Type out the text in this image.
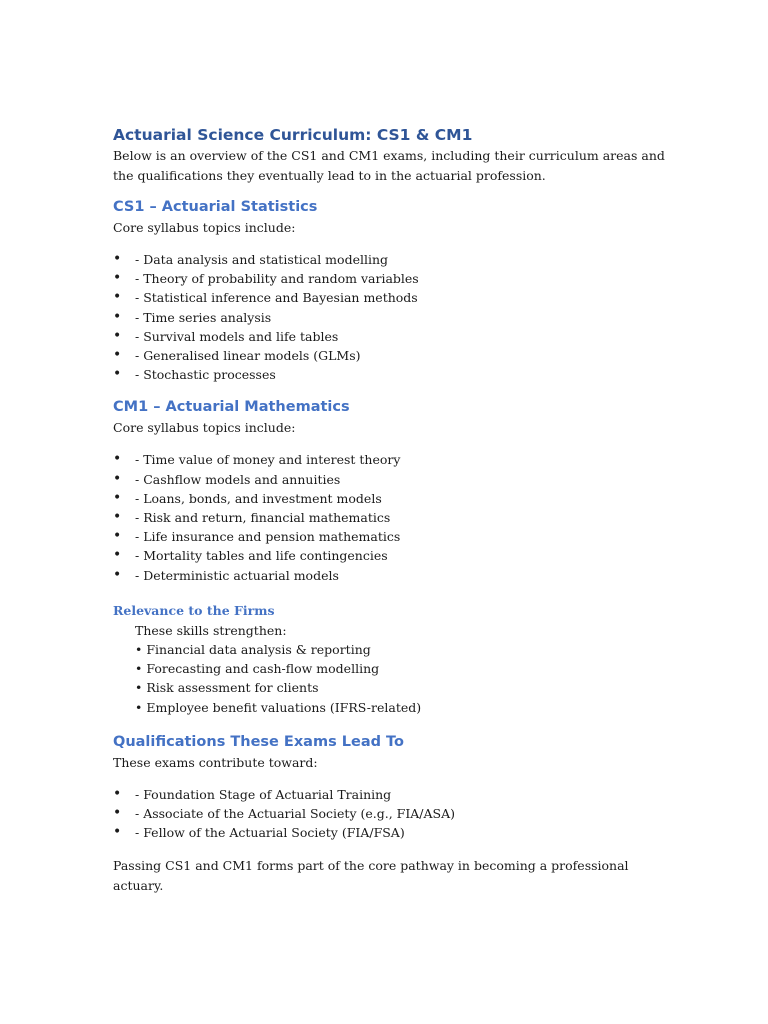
Actuarial Science Curriculum: CS1 & CM1

Below is an overview of the CS1 and CM1 exams, including their curriculum areas and the qualifications they eventually lead to in the actuarial profession.

CS1 – Actuarial Statistics

Core syllabus topics include:

• - Data analysis and statistical modelling
• - Theory of probability and random variables
• - Statistical inference and Bayesian methods
• - Time series analysis
• - Survival models and life tables
• - Generalised linear models (GLMs)
• - Stochastic processes
CM1 – Actuarial Mathematics

Core syllabus topics include:

• - Time value of money and interest theory
• - Cashflow models and annuities
• - Loans, bonds, and investment models
• - Risk and return, financial mathematics
• - Life insurance and pension mathematics
• - Mortality tables and life contingencies
• - Deterministic actuarial models
Relevance to the Firms

These skills strengthen:

• Financial data analysis & reporting

• Forecasting and cash-flow modelling

• Risk assessment for clients

• Employee benefit valuations (IFRS-related)

Qualifications These Exams Lead To

These exams contribute toward:

• - Foundation Stage of Actuarial Training
• - Associate of the Actuarial Society (e.g., FIA/ASA)
• - Fellow of the Actuarial Society (FIA/FSA)

Passing CS1 and CM1 forms part of the core pathway in becoming a professional actuary.
